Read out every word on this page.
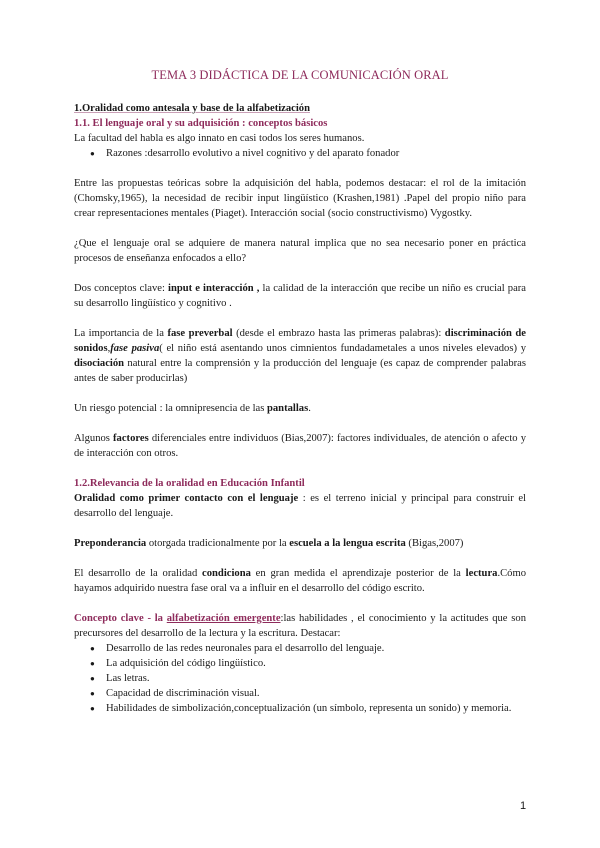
TEMA 3 DIDÁCTICA DE LA COMUNICACIÓN ORAL

1.Oralidad como antesala y base de la alfabetización

1.1. El lenguaje oral y su adquisición : conceptos básicos

La facultad del habla es algo innato en casi todos los seres humanos.

● Razones :desarrollo evolutivo a nivel cognitivo y del aparato fonador

Entre las propuestas teóricas sobre la adquisición del habla, podemos destacar: el rol de la imitación (Chomsky,1965), la necesidad de recibir input lingüístico (Krashen,1981) .Papel del propio niño para crear representaciones mentales (Piaget). Interacción social (socio constructivismo) Vygostky.

¿Que el lenguaje oral se adquiere de manera natural implica que no sea necesario poner en práctica procesos de enseñanza enfocados a ello?

Dos conceptos clave: input e interacción , la calidad de la interacción que recibe un niño es crucial para su desarrollo lingüístico y cognitivo .

La importancia de la fase preverbal (desde el embrazo hasta las primeras palabras): discriminación de sonidos,fase pasiva( el niño está asentando unos cimnientos fundadametales a unos niveles elevados) y disociación natural entre la comprensión y la producción del lenguaje (es capaz de comprender palabras antes de saber producirlas)

Un riesgo potencial : la omnipresencia de las pantallas.

Algunos factores diferenciales entre individuos (Bias,2007): factores individuales, de atención o afecto y de interacción con otros.

1.2.Relevancia de la oralidad en Educación Infantil

Oralidad como primer contacto con el lenguaje : es el terreno inicial y principal para construir el desarrollo del lenguaje.

Preponderancia otorgada tradicionalmente por la escuela a la lengua escrita (Bigas,2007)

El desarrollo de la oralidad condiciona en gran medida el aprendizaje posterior de la lectura.Cómo hayamos adquirido nuestra fase oral va a influir en el desarrollo del código escrito.

Concepto clave - la alfabetización emergente:las habilidades , el conocimiento y la actitudes que son precursores del desarrollo de la lectura y la escritura. Destacar:

● Desarrollo de las redes neuronales para el desarrollo del lenguaje.
● La adquisición del código lingüístico.
● Las letras.
● Capacidad de discriminación visual.
● Habilidades de simbolización,conceptualización (un símbolo, representa un sonido) y memoria.
1
